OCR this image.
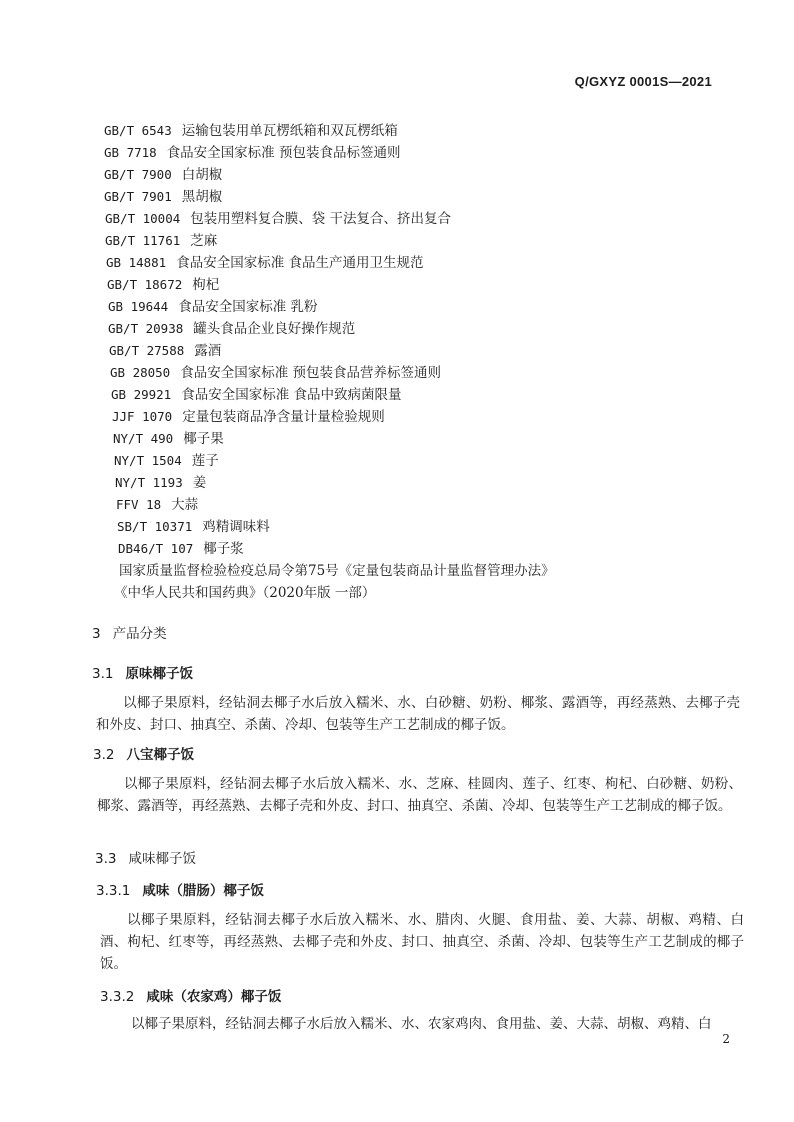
Q/GXYZ 0001S—2021
GB/T 6543 运输包装用单瓦楞纸箱和双瓦楞纸箱
GB 7718 食品安全国家标准 预包装食品标签通则
GB/T 7900 白胡椒
GB/T 7901 黑胡椒
GB/T 10004 包装用塑料复合膜、袋 干法复合、挤出复合
GB/T 11761 芝麻
GB 14881 食品安全国家标准 食品生产通用卫生规范
GB/T 18672 枸杞
GB 19644 食品安全国家标准 乳粉
GB/T 20938 罐头食品企业良好操作规范
GB/T 27588 露酒
GB 28050 食品安全国家标准 预包装食品营养标签通则
GB 29921 食品安全国家标准 食品中致病菌限量
JJF 1070 定量包装商品净含量计量检验规则
NY/T 490 椰子果
NY/T 1504 莲子
NY/T 1193 姜
FFV 18 大蒜
SB/T 10371 鸡精调味料
DB46/T 107 椰子浆
国家质量监督检验检疫总局令第75号《定量包装商品计量监督管理办法》
《中华人民共和国药典》（2020年版 一部）
3 产品分类
3.1 原味椰子饭

以椰子果原料，经钻洞去椰子水后放入糯米、水、白砂糖、奶粉、椰浆、露酒等，再经蒸熟、去椰子壳和外皮、封口、抽真空、杀菌、冷却、包装等生产工艺制成的椰子饭。

3.2 八宝椰子饭

以椰子果原料，经钻洞去椰子水后放入糯米、水、芝麻、桂圆肉、莲子、红枣、枸杞、白砂糖、奶粉、椰浆、露酒等，再经蒸熟、去椰子壳和外皮、封口、抽真空、杀菌、冷却、包装等生产工艺制成的椰子饭。

3.3 咸味椰子饭
3.3.1 咸味（腊肠）椰子饭

以椰子果原料，经钻洞去椰子水后放入糯米、水、腊肉、火腿、食用盐、姜、大蒜、胡椒、鸡精、白酒、枸杞、红枣等，再经蒸熟、去椰子壳和外皮、封口、抽真空、杀菌、冷却、包装等生产工艺制成的椰子饭。

3.3.2 咸味（农家鸡）椰子饭

以椰子果原料，经钻洞去椰子水后放入糯米、水、农家鸡肉、食用盐、姜、大蒜、胡椒、鸡精、白

2
